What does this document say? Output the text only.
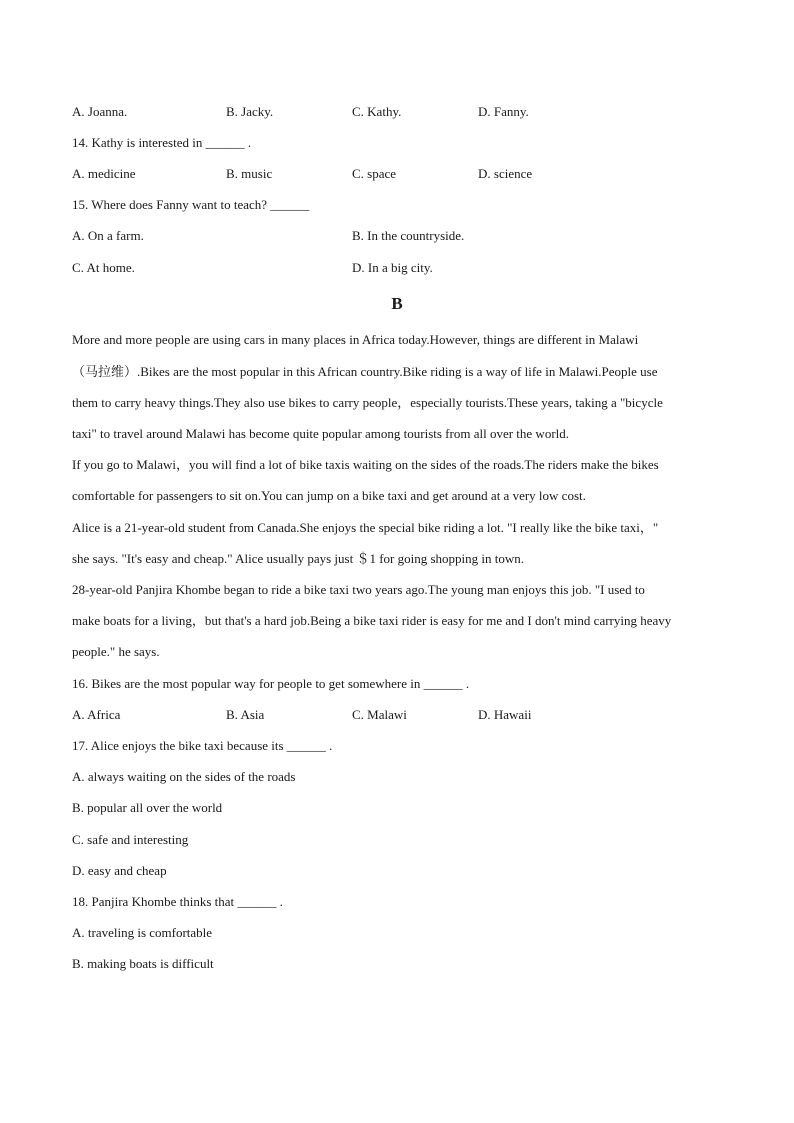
A. Joanna.	B. Jacky.	C. Kathy.	D. Fanny.
14. Kathy is interested in ______ .
A. medicine	B. music	C. space	D. science
15. Where does Fanny want to teach? ______
A. On a farm.	B. In the countryside.
C. At home.	D. In a big city.
B
More and more people are using cars in many places in Africa today.However, things are different in Malawi
（马拉维）.Bikes are the most popular in this African country.Bike riding is a way of life in Malawi.People use
them to carry heavy things.They also use bikes to carry people，especially tourists.These years, taking a "bicycle
taxi" to travel around Malawi has become quite popular among tourists from all over the world.
If you go to Malawi，you will find a lot of bike taxis waiting on the sides of the roads.The riders make the bikes
comfortable for passengers to sit on.You can jump on a bike taxi and get around at a very low cost.
Alice is a 21-year-old student from Canada.She enjoys the special bike riding a lot. "I really like the bike taxi，"
she says. "It's easy and cheap." Alice usually pays just ＄1 for going shopping in town.
28-year-old Panjira Khombe began to ride a bike taxi two years ago.The young man enjoys this job. "I used to
make boats for a living，but that's a hard job.Being a bike taxi rider is easy for me and I don't mind carrying heavy
people." he says.
16. Bikes are the most popular way for people to get somewhere in ______ .
A. Africa	B. Asia	C. Malawi	D. Hawaii
17. Alice enjoys the bike taxi because its ______ .
A. always waiting on the sides of the roads
B. popular all over the world
C. safe and interesting
D. easy and cheap
18. Panjira Khombe thinks that ______ .
A. traveling is comfortable
B. making boats is difficult
